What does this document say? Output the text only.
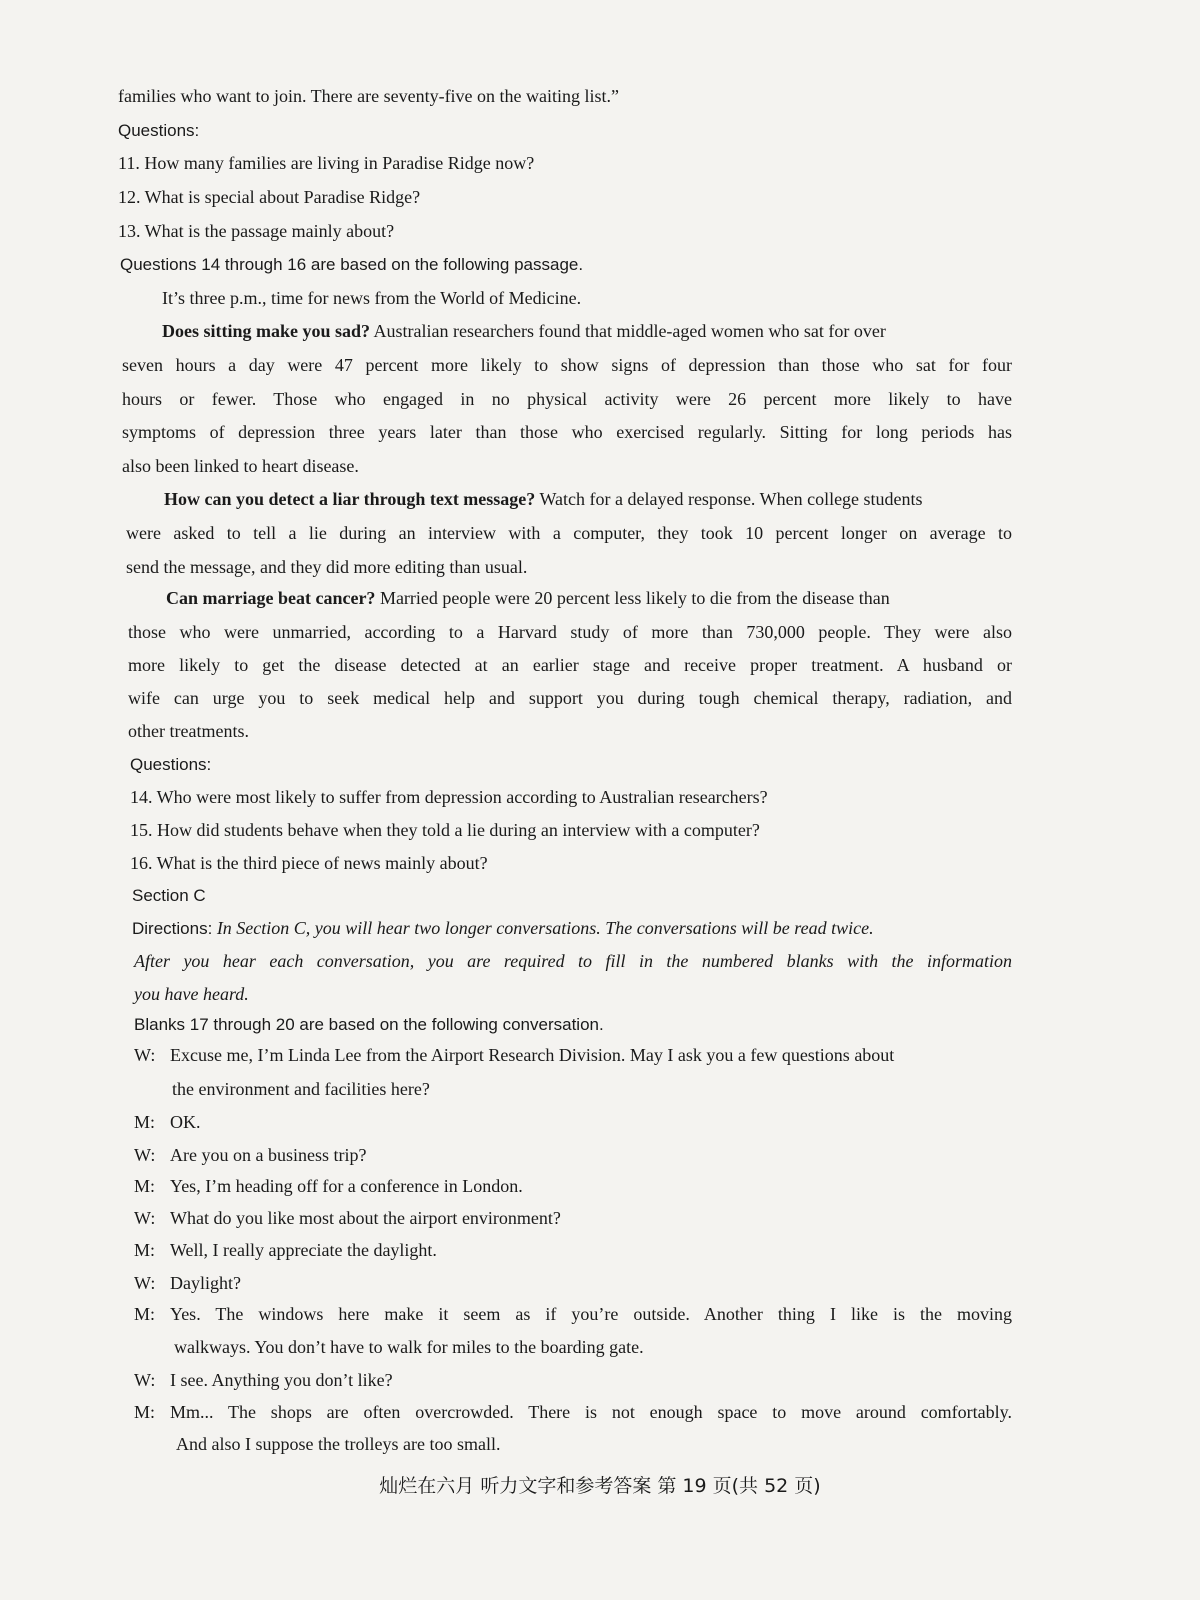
families who want to join. There are seventy-five on the waiting list.”
Questions:
11. How many families are living in Paradise Ridge now?
12. What is special about Paradise Ridge?
13. What is the passage mainly about?
Questions 14 through 16 are based on the following passage.
It’s three p.m., time for news from the World of Medicine.
Does sitting make you sad? Australian researchers found that middle-aged women who sat for over
seven hours a day were 47 percent more likely to show signs of depression than those who sat for four
hours or fewer. Those who engaged in no physical activity were 26 percent more likely to have
symptoms of depression three years later than those who exercised regularly. Sitting for long periods has
also been linked to heart disease.
How can you detect a liar through text message? Watch for a delayed response. When college students
were asked to tell a lie during an interview with a computer, they took 10 percent longer on average to
send the message, and they did more editing than usual.
Can marriage beat cancer? Married people were 20 percent less likely to die from the disease than
those who were unmarried, according to a Harvard study of more than 730,000 people. They were also
more likely to get the disease detected at an earlier stage and receive proper treatment. A husband or
wife can urge you to seek medical help and support you during tough chemical therapy, radiation, and
other treatments.
Questions:
14. Who were most likely to suffer from depression according to Australian researchers?
15. How did students behave when they told a lie during an interview with a computer?
16. What is the third piece of news mainly about?
Section C
Directions: In Section C, you will hear two longer conversations. The conversations will be read twice.
After you hear each conversation, you are required to fill in the numbered blanks with the information
you have heard.
Blanks 17 through 20 are based on the following conversation.
W: Excuse me, I’m Linda Lee from the Airport Research Division. May I ask you a few questions about
the environment and facilities here?
M: OK.
W: Are you on a business trip?
M: Yes, I’m heading off for a conference in London.
W: What do you like most about the airport environment?
M: Well, I really appreciate the daylight.
W: Daylight?
M: Yes. The windows here make it seem as if you’re outside. Another thing I like is the moving
walkways. You don’t have to walk for miles to the boarding gate.
W: I see. Anything you don’t like?
M: Mm... The shops are often overcrowded. There is not enough space to move around comfortably.
And also I suppose the trolleys are too small.
灿烂在六月 听力文字和参考答案 第 19 页(共 52 页)
